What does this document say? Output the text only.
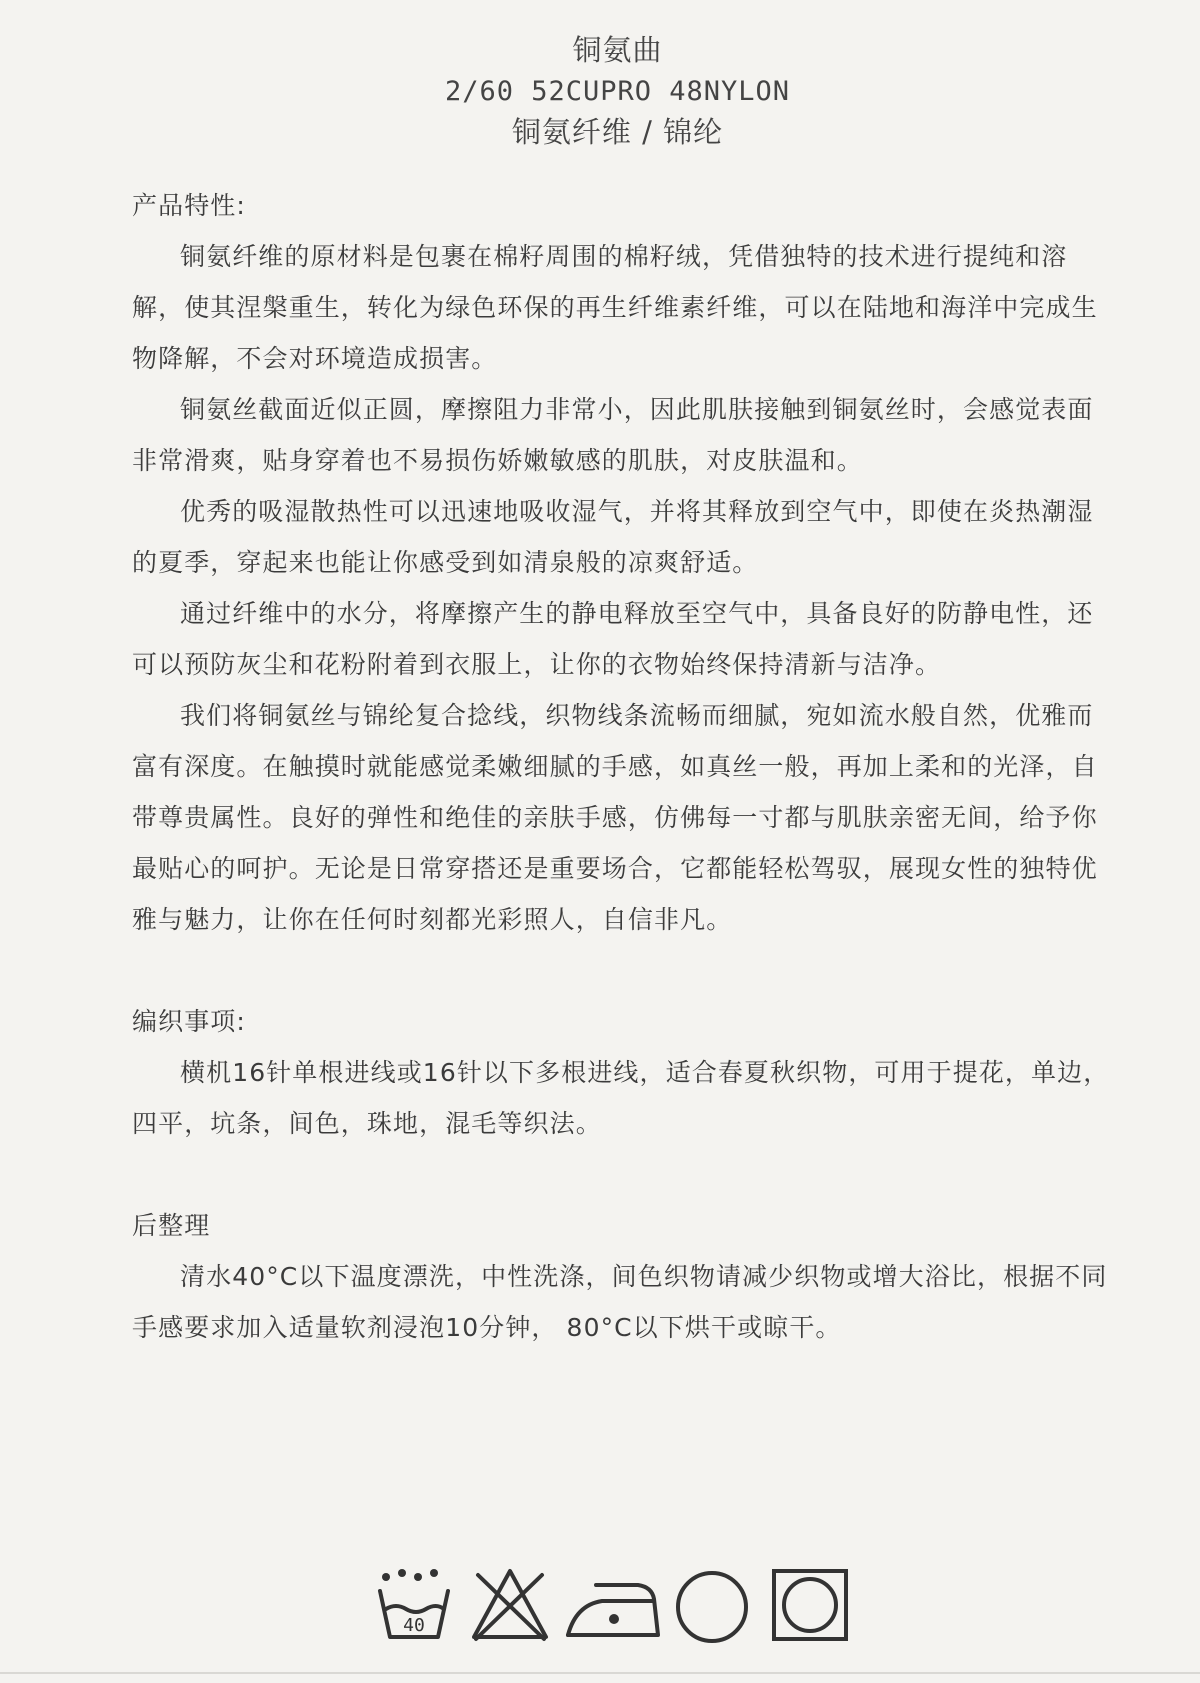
铜氨曲
2/60 52CUPRO 48NYLON
铜氨纤维 / 锦纶

产品特性:

铜氨纤维的原材料是包裹在棉籽周围的棉籽绒，凭借独特的技术进行提纯和溶解，使其涅槃重生，转化为绿色环保的再生纤维素纤维，可以在陆地和海洋中完成生物降解，不会对环境造成损害。

铜氨丝截面近似正圆，摩擦阻力非常小，因此肌肤接触到铜氨丝时，会感觉表面非常滑爽，贴身穿着也不易损伤娇嫩敏感的肌肤，对皮肤温和。

优秀的吸湿散热性可以迅速地吸收湿气，并将其释放到空气中，即使在炎热潮湿的夏季，穿起来也能让你感受到如清泉般的凉爽舒适。

通过纤维中的水分，将摩擦产生的静电释放至空气中，具备良好的防静电性，还可以预防灰尘和花粉附着到衣服上，让你的衣物始终保持清新与洁净。

我们将铜氨丝与锦纶复合捻线，织物线条流畅而细腻，宛如流水般自然，优雅而富有深度。在触摸时就能感觉柔嫩细腻的手感，如真丝一般，再加上柔和的光泽，自带尊贵属性。良好的弹性和绝佳的亲肤手感，仿佛每一寸都与肌肤亲密无间，给予你最贴心的呵护。无论是日常穿搭还是重要场合，它都能轻松驾驭，展现女性的独特优雅与魅力，让你在任何时刻都光彩照人，自信非凡。

编织事项:

横机16针单根进线或16针以下多根进线，适合春夏秋织物，可用于提花，单边，四平，坑条，间色，珠地，混毛等织法。

后整理

清水40°C以下温度漂洗，中性洗涤，间色织物请减少织物或增大浴比，根据不同手感要求加入适量软剂浸泡10分钟， 80°C以下烘干或晾干。

40
